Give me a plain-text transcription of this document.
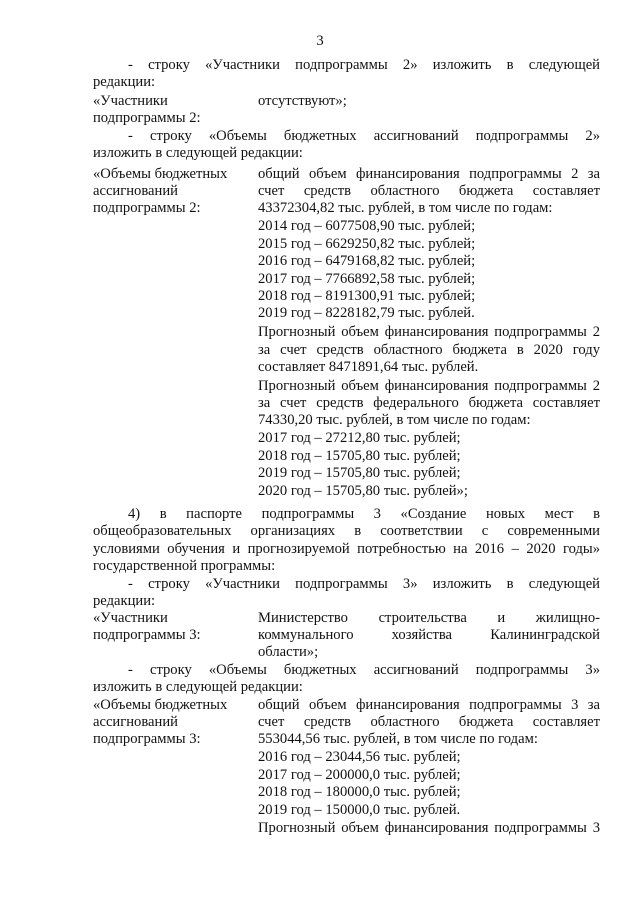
3
- строку «Участники подпрограммы 2» изложить в следующей
редакции:
«Участники
подпрограммы 2:
отсутствуют»;
- строку «Объемы бюджетных ассигнований подпрограммы 2»
изложить в следующей редакции:
«Объемы бюджетных
ассигнований
подпрограммы 2:
общий объем финансирования подпрограммы 2 за
счет средств областного бюджета составляет
43372304,82 тыс. рублей, в том числе по годам:
2014 год – 6077508,90 тыс. рублей;
2015 год – 6629250,82 тыс. рублей;
2016 год – 6479168,82 тыс. рублей;
2017 год – 7766892,58 тыс. рублей;
2018 год – 8191300,91 тыс. рублей;
2019 год – 8228182,79 тыс. рублей.
Прогнозный объем финансирования подпрограммы 2
за счет средств областного бюджета в 2020 году
составляет 8471891,64 тыс. рублей.
Прогнозный объем финансирования подпрограммы 2
за счет средств федерального бюджета составляет
74330,20 тыс. рублей, в том числе по годам:
2017 год – 27212,80 тыс. рублей;
2018 год – 15705,80 тыс. рублей;
2019 год – 15705,80 тыс. рублей;
2020 год – 15705,80 тыс. рублей»;
4) в паспорте подпрограммы 3 «Создание новых мест в
общеобразовательных организациях в соответствии с современными
условиями обучения и прогнозируемой потребностью на 2016 – 2020 годы»
государственной программы:
- строку «Участники подпрограммы 3» изложить в следующей
редакции:
«Участники
подпрограммы 3:
Министерство строительства и жилищно-
коммунального хозяйства Калининградской
области»;
- строку «Объемы бюджетных ассигнований подпрограммы 3»
изложить в следующей редакции:
«Объемы бюджетных
ассигнований
подпрограммы 3:
общий объем финансирования подпрограммы 3 за
счет средств областного бюджета составляет
553044,56 тыс. рублей, в том числе по годам:
2016 год – 23044,56 тыс. рублей;
2017 год – 200000,0 тыс. рублей;
2018 год – 180000,0 тыс. рублей;
2019 год – 150000,0 тыс. рублей.
Прогнозный объем финансирования подпрограммы 3
